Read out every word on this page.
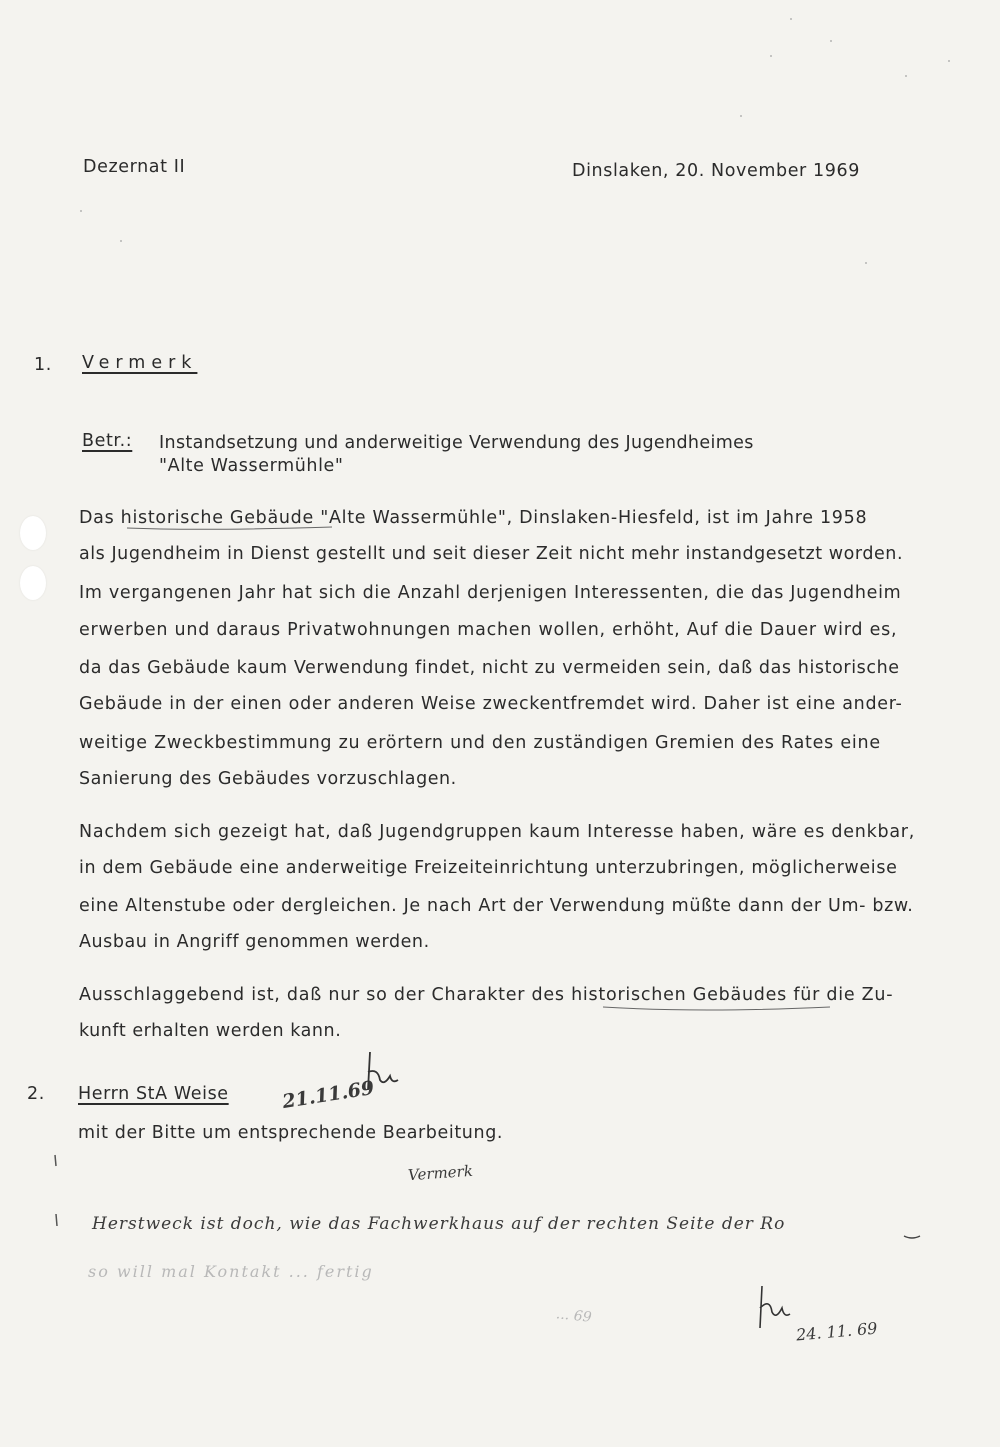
Dezernat II	Dinslaken, 20. November 1969
1. Vermerk
Betr.: Instandsetzung und anderweitige Verwendung des Jugendheimes
"Alte Wassermühle"
Das historische Gebäude "Alte Wassermühle", Dinslaken-Hiesfeld, ist im Jahre 1958
als Jugendheim in Dienst gestellt und seit dieser Zeit nicht mehr instandgesetzt worden.
Im vergangenen Jahr hat sich die Anzahl derjenigen Interessenten, die das Jugendheim
erwerben und daraus Privatwohnungen machen wollen, erhöht, Auf die Dauer wird es,
da das Gebäude kaum Verwendung findet, nicht zu vermeiden sein, daß das historische
Gebäude in der einen oder anderen Weise zweckentfremdet wird. Daher ist eine ander-
weitige Zweckbestimmung zu erörtern und den zuständigen Gremien des Rates eine
Sanierung des Gebäudes vorzuschlagen.
Nachdem sich gezeigt hat, daß Jugendgruppen kaum Interesse haben, wäre es denkbar,
in dem Gebäude eine anderweitige Freizeiteinrichtung unterzubringen, möglicherweise
eine Altenstube oder dergleichen. Je nach Art der Verwendung müßte dann der Um- bzw.
Ausbau in Angriff genommen werden.
Ausschlaggebend ist, daß nur so der Charakter des historischen Gebäudes für die Zu-
kunft erhalten werden kann.
2. Herrn StA Weise	21.11.69
mit der Bitte um entsprechende Bearbeitung.
Vermerk
Herstweck ist doch, wie das Fachwerkhaus auf der rechten Seite der Ro
so will mal Kontakt ... fertig
... 69
24. 11. 69
